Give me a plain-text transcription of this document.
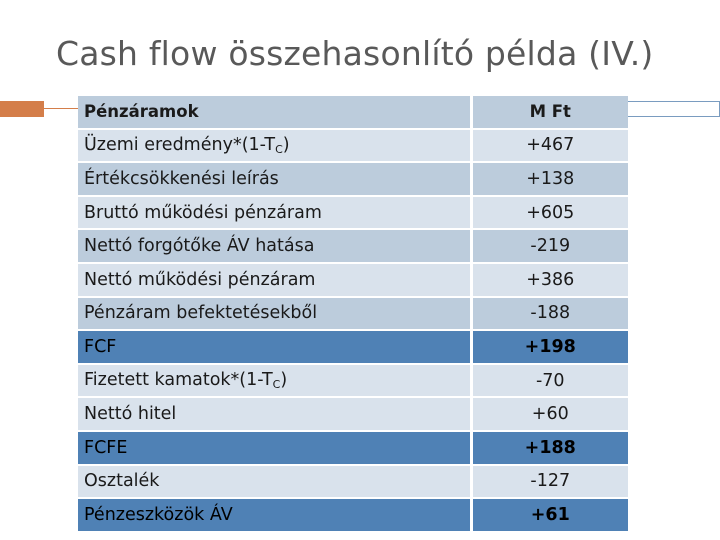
Cash flow összehasonlító példa (IV.)
Pénzáramok	M Ft
Üzemi $eredmény*(1-T_C)$	+467
Értékcsökkenési leírás	+138
Bruttó működési pénzáram	+605
Nettó forgótőke ÁV hatása	-219
Nettó működési pénzáram	+386
Pénzáram befektetésekből	-188
FCF	+198
Fizetett $kamatok*(1-T_C)$	-70
Nettó hitel	+60
FCFE	+188
Osztalék	-127
Pénzeszközök ÁV	+61
